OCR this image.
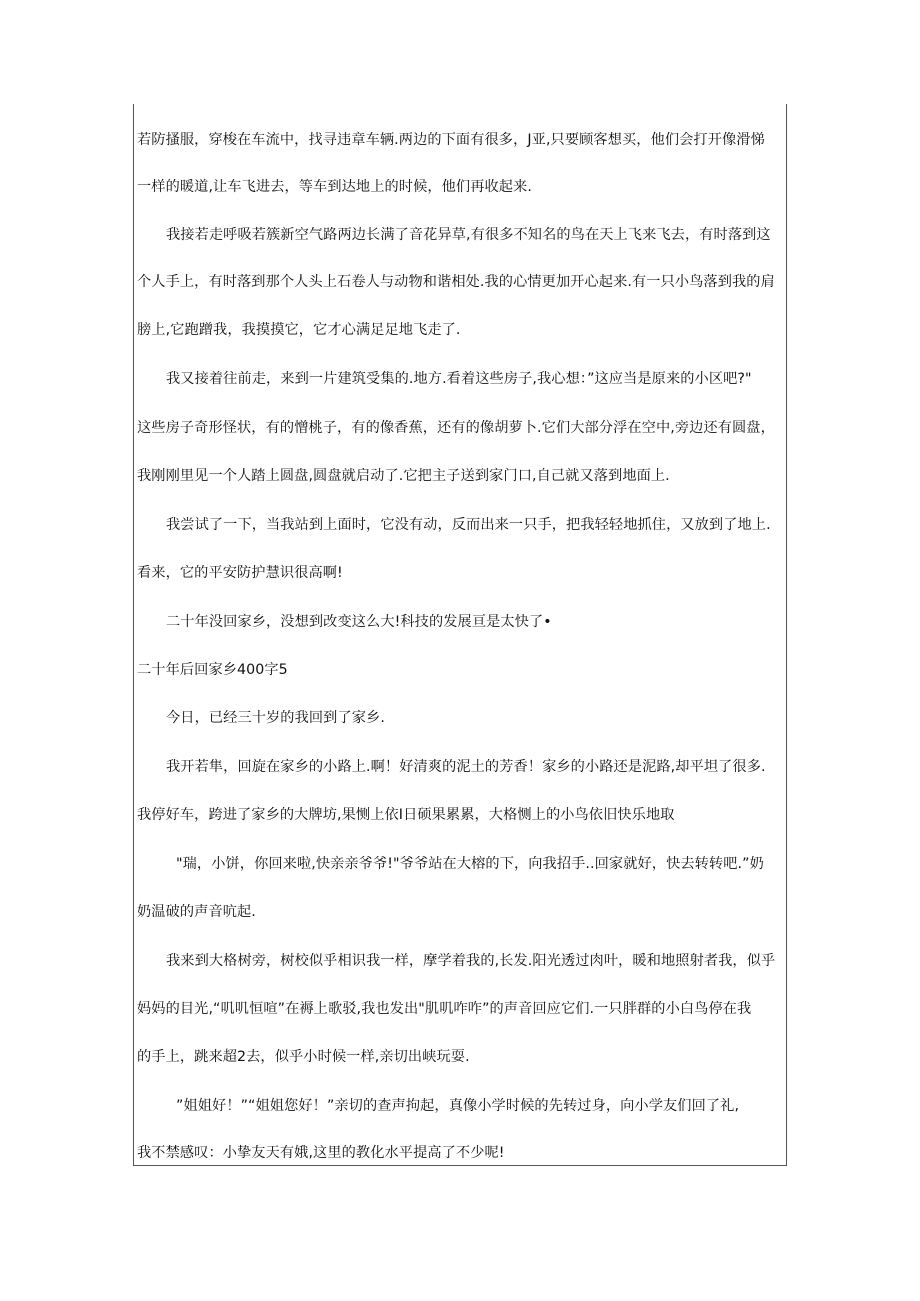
若防搔服，穿梭在车流中，找寻违章车辆.两边的下面有很多，J亚,只要顾客想买，他们会打开像滑悌
一样的暖道,让车飞进去，等车到达地上的时候，他们再收起来.
我接若走呼吸若簇新空气路两边长满了音花异草,有很多不知名的鸟在天上飞来飞去，有时落到这
个人手上，有时落到那个人头上石卷人与动物和谐相处.我的心情更加开心起来.有一只小鸟落到我的肩
膀上,它跑蹭我，我摸摸它，它才心满足足地飞走了.
我又接着往前走，来到一片建筑受集的.地方.看着这些房子,我心想：”这应当是原来的小区吧?"
这些房子奇形怪状，有的憎桃子，有的像香蕉，还有的像胡萝卜.它们大部分浮在空中,旁边还有圆盘，
我刚刚里见一个人踏上圆盘,圆盘就启动了.它把主子送到家门口,自己就又落到地面上.
我尝试了一下，当我站到上面时，它没有动，反而出来一只手，把我轻轻地抓住，又放到了地上.
看来，它的平安防护慧识很高啊!
二十年没回家乡，没想到改变这么大!科技的发展亘是太快了•
二十年后回家乡400字5
今日，已经三十岁的我回到了家乡.
我开若隼，回旋在家乡的小路上.啊！好清爽的泥土的芳香！家乡的小路还是泥路,却平坦了很多.
我停好车，跨进了家乡的大牌坊,果恻上依I日硕果累累，大格恻上的小鸟依旧快乐地取
"瑞，小饼，你回来啦,快亲亲爷爷!"爷爷站在大榕的下，向我招手..回家就好，快去转转吧.”奶
奶温破的声音吭起.
我来到大格树旁，树校似乎相识我一样，摩学着我的,长发.阳光透过肉叶，暖和地照射者我，似乎
妈妈的目光,“叽叽恒喧”在褥上歌驳,我也发出"肌叽咋咋”的声音回应它们.一只胖群的小白鸟停在我
的手上，跳来超2去，似乎小时候一样,亲切出峡玩耍.
”姐姐好！”“姐姐您好！”亲切的查声拘起，真像小学时候的先转过身，向小学友们回了礼,
我不禁感叹：小挚友天有娥,这里的教化水平提高了不少呢!
